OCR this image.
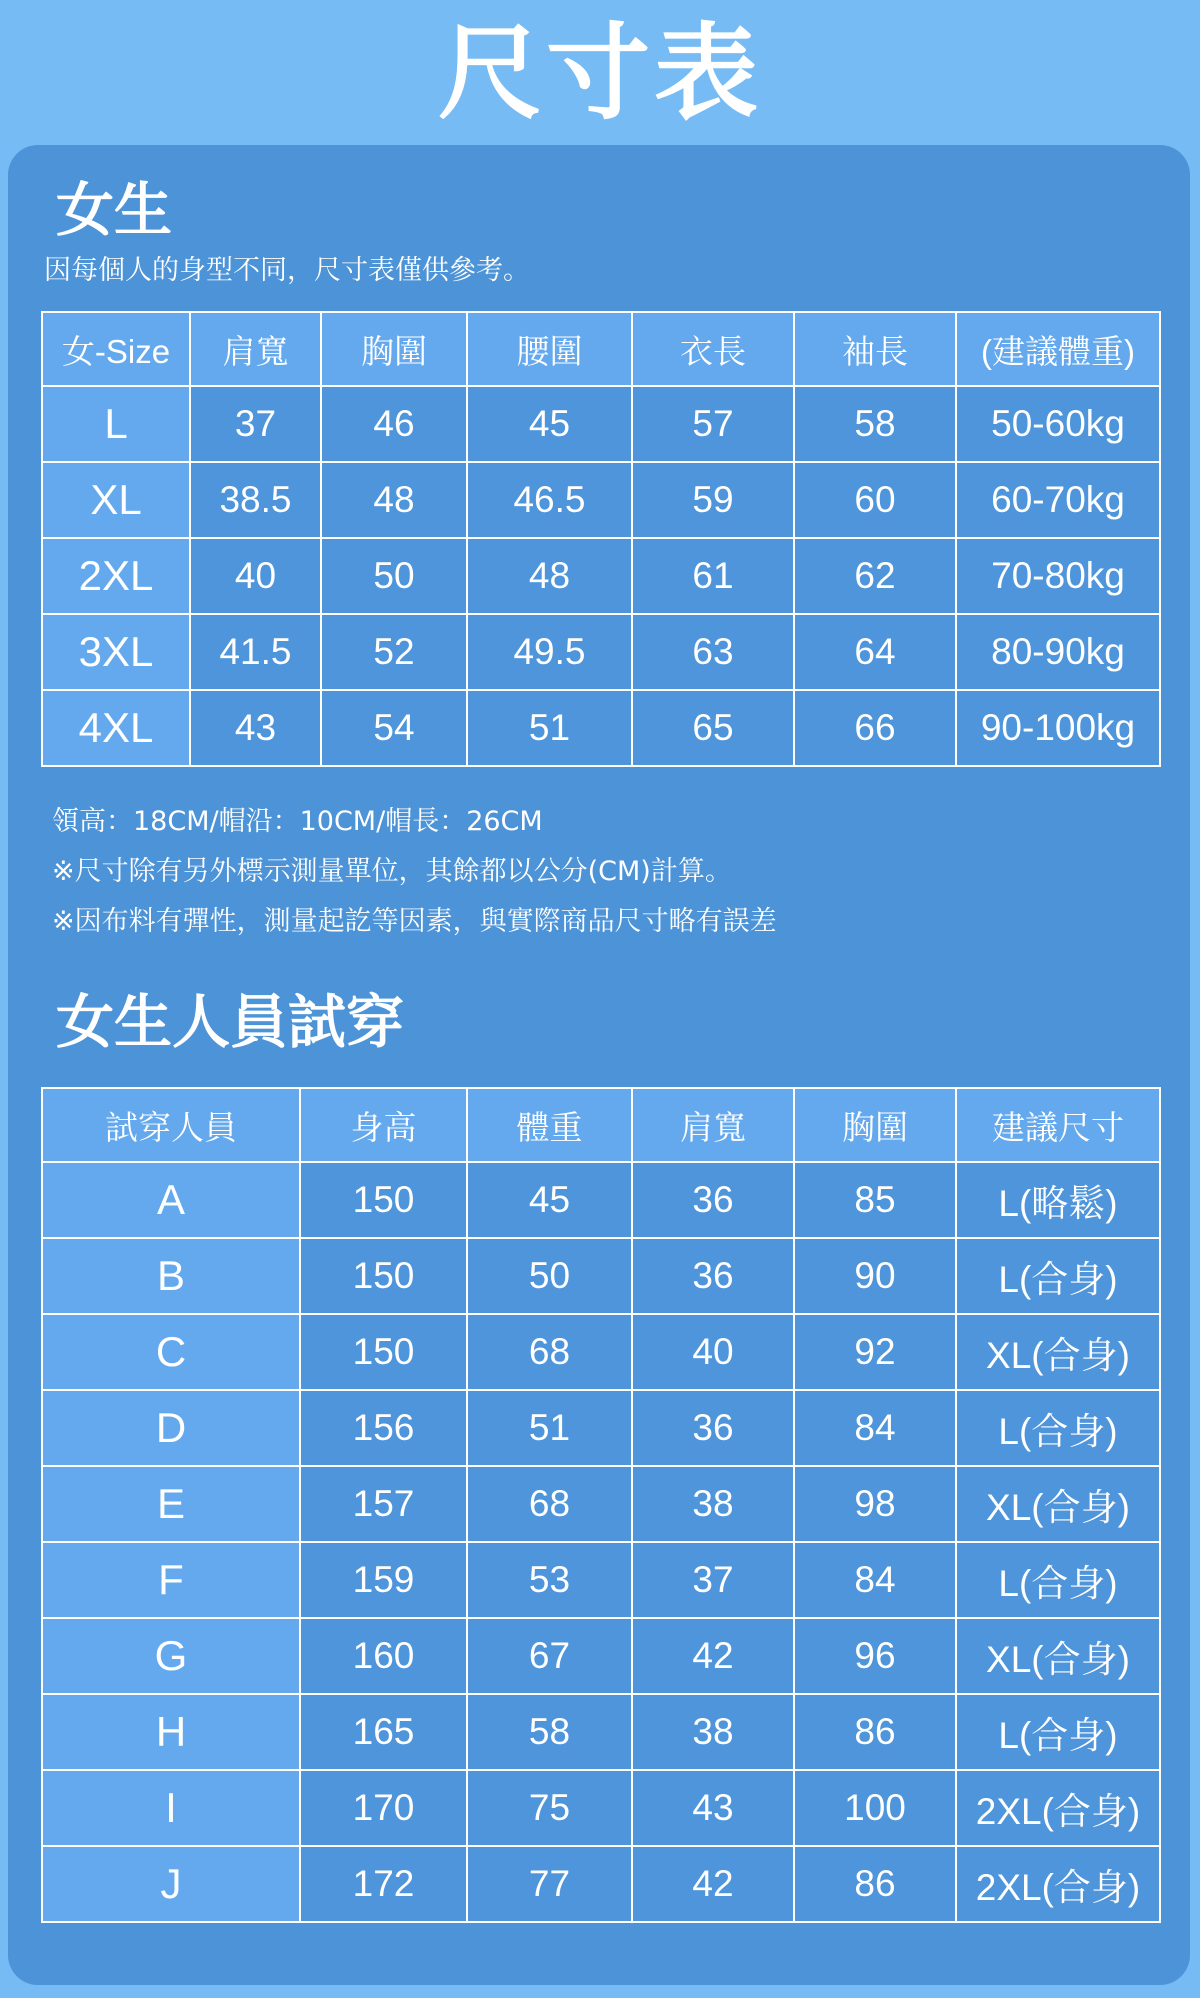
尺寸表
女生
因每個人的身型不同，尺寸表僅供參考。
女-Size	肩寬	胸圍	腰圍	衣長	袖長	(建議體重)
L	37	46	45	57	58	50-60kg
XL	38.5	48	46.5	59	60	60-70kg
2XL	40	50	48	61	62	70-80kg
3XL	41.5	52	49.5	63	64	80-90kg
4XL	43	54	51	65	66	90-100kg
領高：18CM/帽沿：10CM/帽長：26CM
※尺寸除有另外標示測量單位，其餘都以公分(CM)計算。
※因布料有彈性，測量起訖等因素，與實際商品尺寸略有誤差
女生人員試穿
試穿人員	身高	體重	肩寬	胸圍	建議尺寸
A	150	45	36	85	L(略鬆)
B	150	50	36	90	L(合身)
C	150	68	40	92	XL(合身)
D	156	51	36	84	L(合身)
E	157	68	38	98	XL(合身)
F	159	53	37	84	L(合身)
G	160	67	42	96	XL(合身)
H	165	58	38	86	L(合身)
I	170	75	43	100	2XL(合身)
J	172	77	42	86	2XL(合身)
